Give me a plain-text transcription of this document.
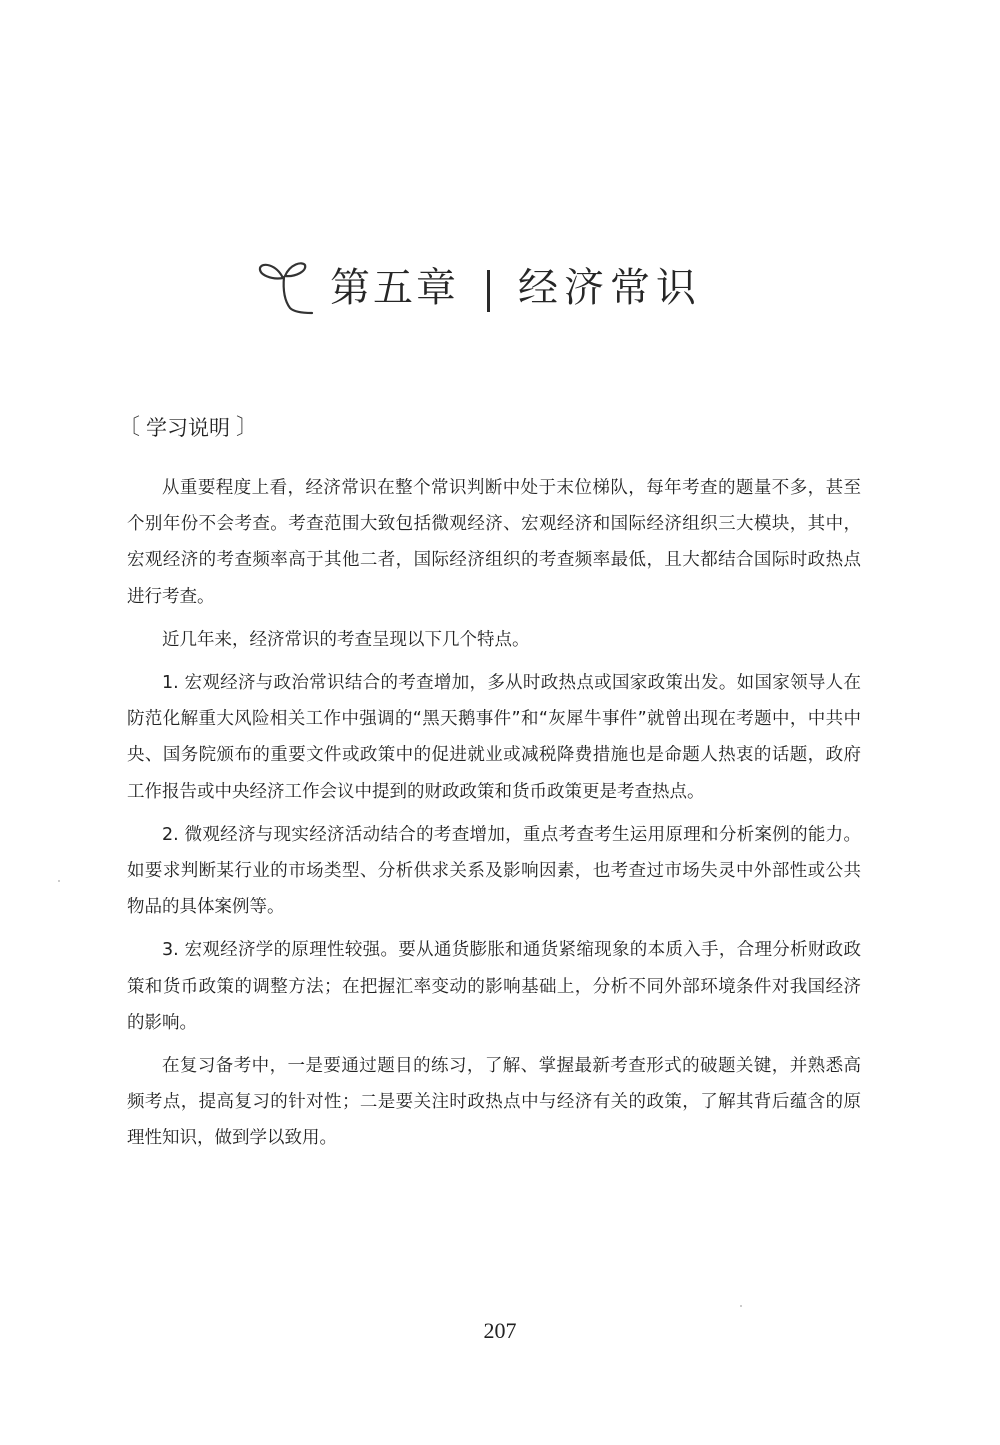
第五章 经济常识
〔 学习说明 〕

从重要程度上看，经济常识在整个常识判断中处于末位梯队，每年考查的题量不多，甚至个别年份不会考查。考查范围大致包括微观经济、宏观经济和国际经济组织三大模块，其中，宏观经济的考查频率高于其他二者，国际经济组织的考查频率最低，且大都结合国际时政热点进行考查。

近几年来，经济常识的考查呈现以下几个特点。

1. 宏观经济与政治常识结合的考查增加，多从时政热点或国家政策出发。如国家领导人在防范化解重大风险相关工作中强调的“黑天鹅事件”和“灰犀牛事件”就曾出现在考题中，中共中央、国务院颁布的重要文件或政策中的促进就业或减税降费措施也是命题人热衷的话题，政府工作报告或中央经济工作会议中提到的财政政策和货币政策更是考查热点。

2. 微观经济与现实经济活动结合的考查增加，重点考查考生运用原理和分析案例的能力。如要求判断某行业的市场类型、分析供求关系及影响因素，也考查过市场失灵中外部性或公共物品的具体案例等。

3. 宏观经济学的原理性较强。要从通货膨胀和通货紧缩现象的本质入手，合理分析财政政策和货币政策的调整方法；在把握汇率变动的影响基础上，分析不同外部环境条件对我国经济的影响。

在复习备考中，一是要通过题目的练习，了解、掌握最新考查形式的破题关键，并熟悉高频考点，提高复习的针对性；二是要关注时政热点中与经济有关的政策，了解其背后蕴含的原理性知识，做到学以致用。

207
